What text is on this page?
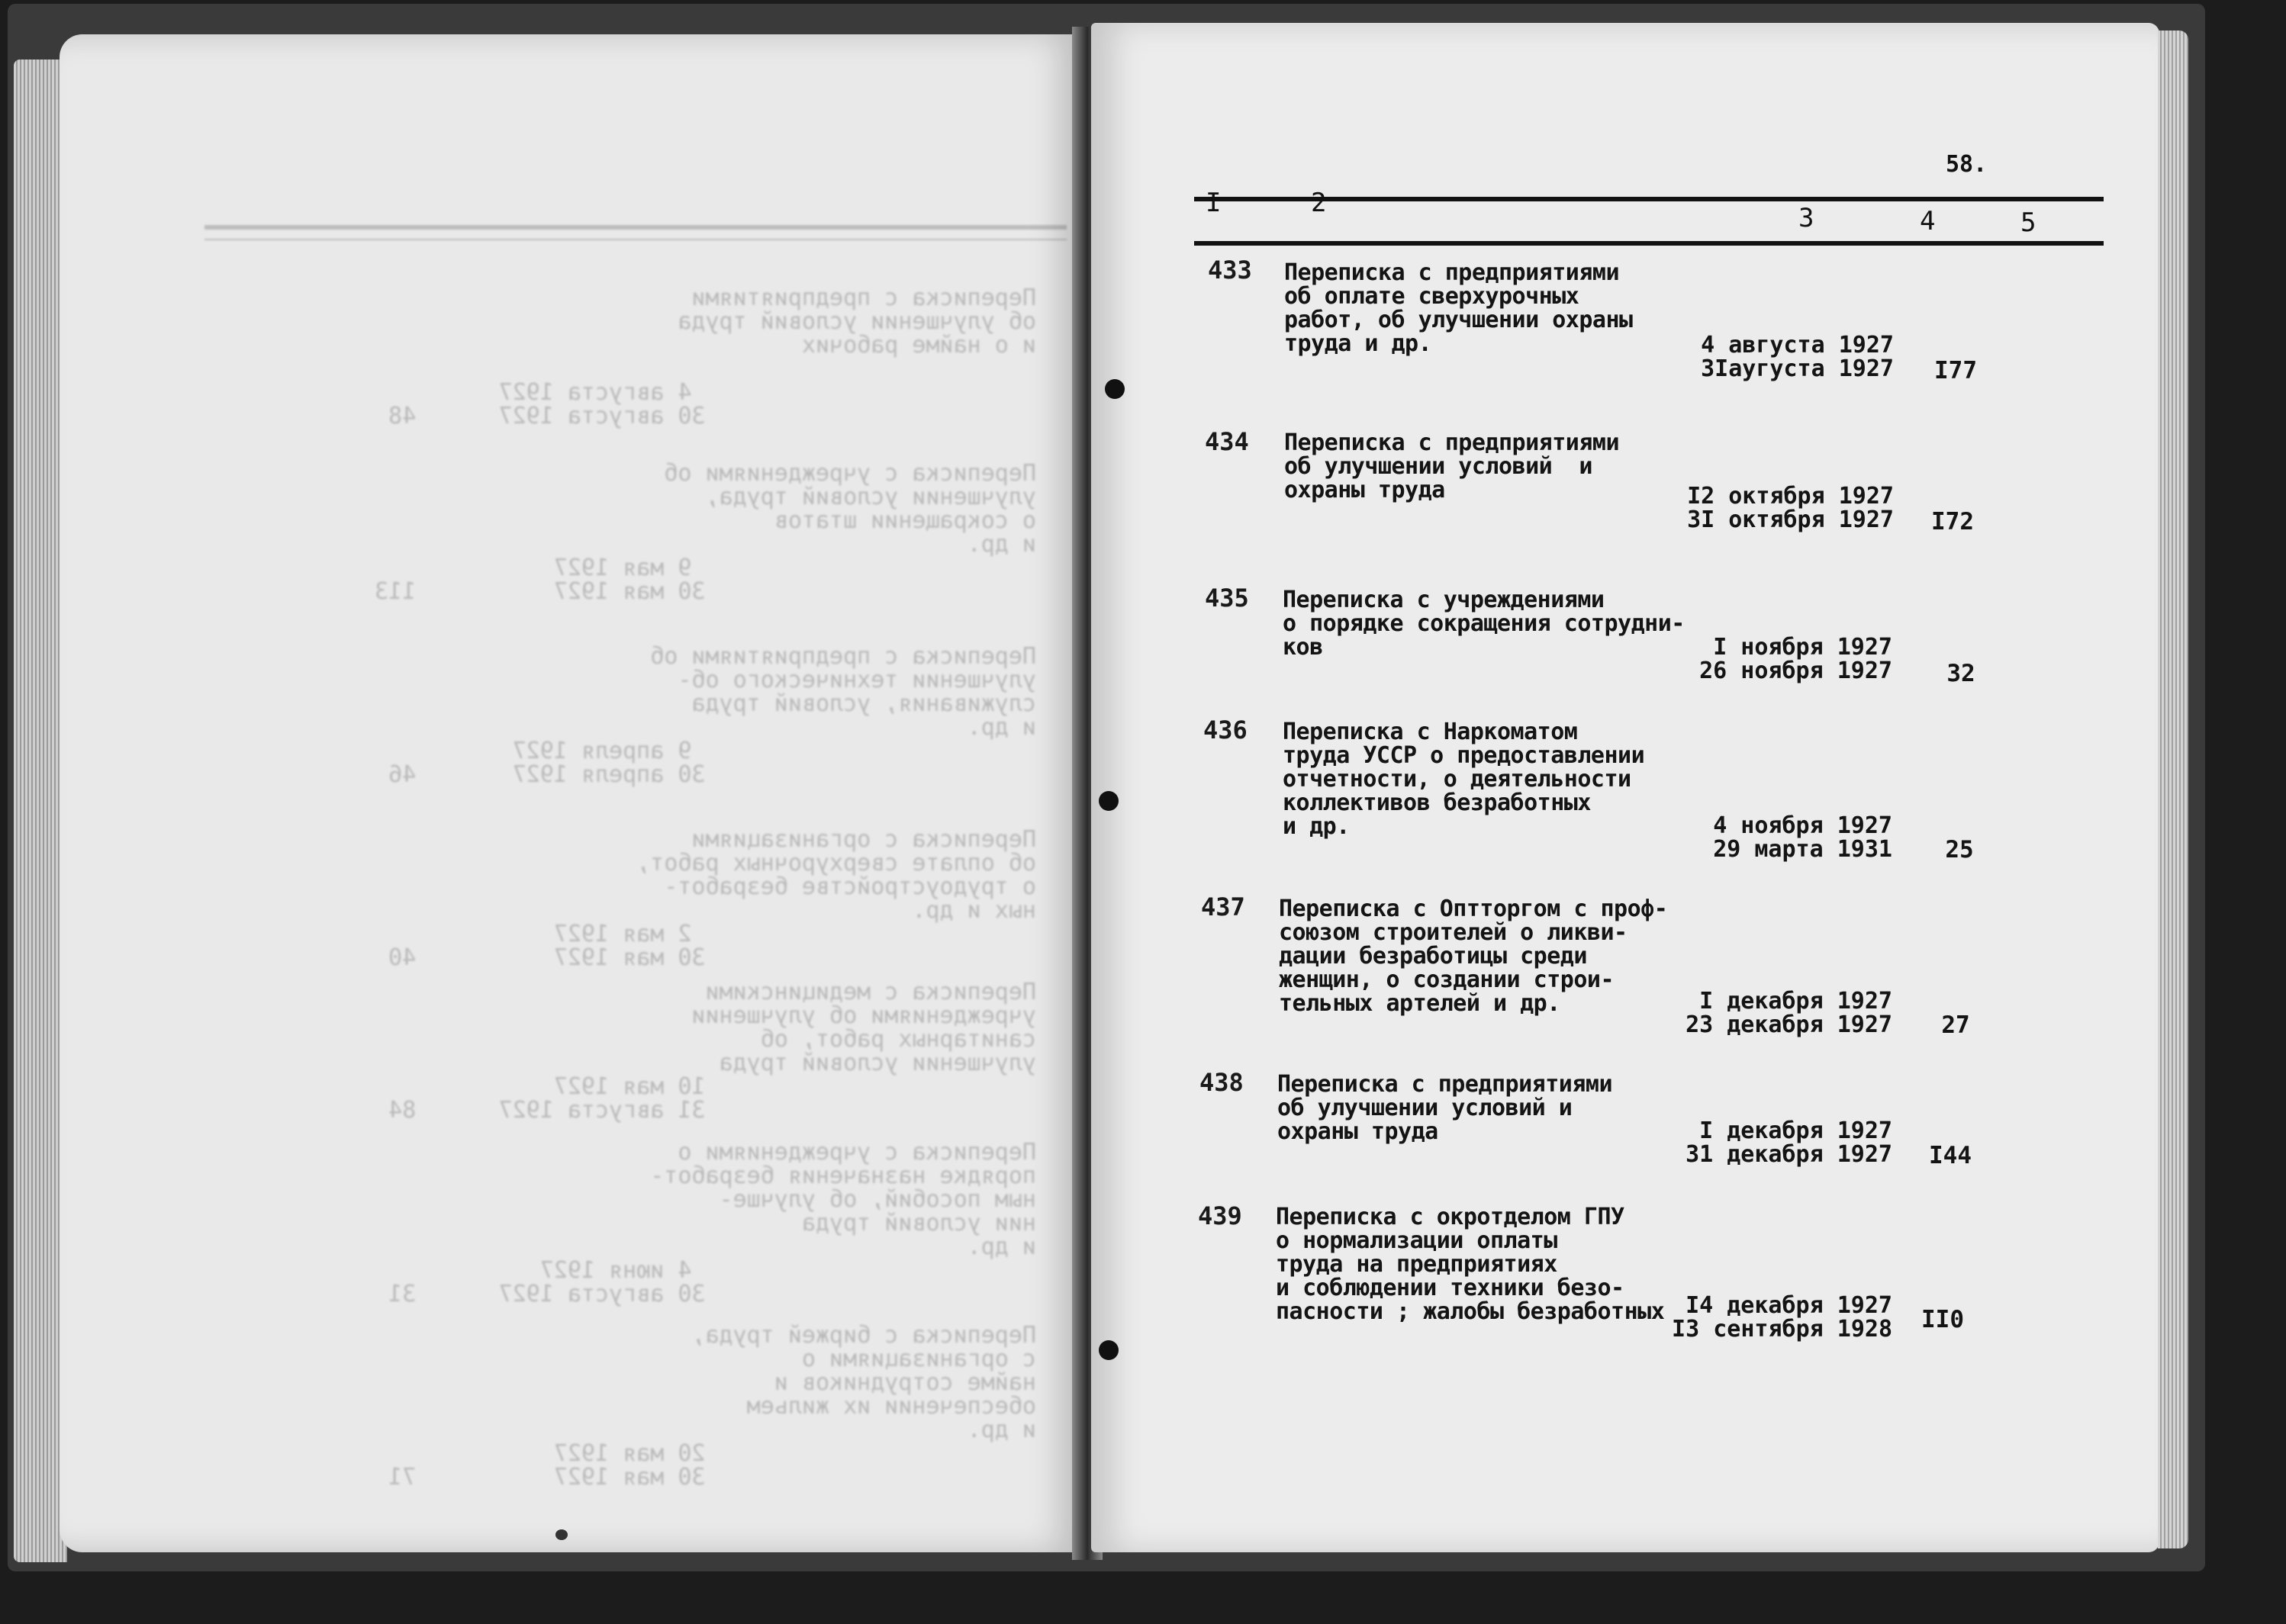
Переписка с предприятиями
об улучшении условий труда
и о найме рабочих

4 августа 1927
30 августа 1927      48
Переписка с учреждениями об
улучшении условий труда,
о сокращении штатов
и др.
9 мая 1927
30 мая 1927          113
Переписка с предприятиями об
улучшении технического об-
служивания, условий труда
и др.
9 апреля 1927
30 апреля 1927       46
Переписка с организациями
об оплате сверхурочных работ,
о трудоустройстве безработ-
ных и др.
2 мая 1927
30 мая 1927          40
Переписка с медицинскими
учреждениями об улучшении
санитарных работ, об
улучшении условий труда
10 мая 1927
31 августа 1927      84
Переписка с учреждениями о
порядке назначения безработ-
ным пособий, об улучше-
нии условий труда
и др.
4 июня 1927
30 августа 1927      31
Переписка с биржей труда,
с организациями о
найме сотрудников и
обеспечении их жильем
и др.
20 мая 1927
30 мая 1927          71
58.
I	2	3	4	5
433 Переписка с предприятиями
об оплате сверхурочных
работ, об улучшении охраны
труда и др.	4 августа 1927
3Iаугуста 1927	I77
434 Переписка с предприятиями
об улучшении условий  и
охраны труда	I2 октября 1927
3I октября 1927	I72
435 Переписка с учреждениями
о порядке сокращения сотрудни-
ков	I ноября 1927
26 ноября 1927	32
436 Переписка с Наркоматом
труда УССР о предоставлении
отчетности, о деятельности
коллективов безработных
и др.	4 ноября 1927
29 марта 1931	25
437 Переписка с Оптторгом с проф-
союзом строителей о ликви-
дации безработицы среди
женщин, о создании строи-
тельных артелей и др.	I декабря 1927
23 декабря 1927	27
438 Переписка с предприятиями
об улучшении условий и
охраны труда	I декабря 1927
31 декабря 1927	I44
439 Переписка с окротделом ГПУ
о нормализации оплаты
труда на предприятиях
и соблюдении техники безо-
пасности ; жалобы безработных I4 декабря 1927
I3 сентября 1928	II0
